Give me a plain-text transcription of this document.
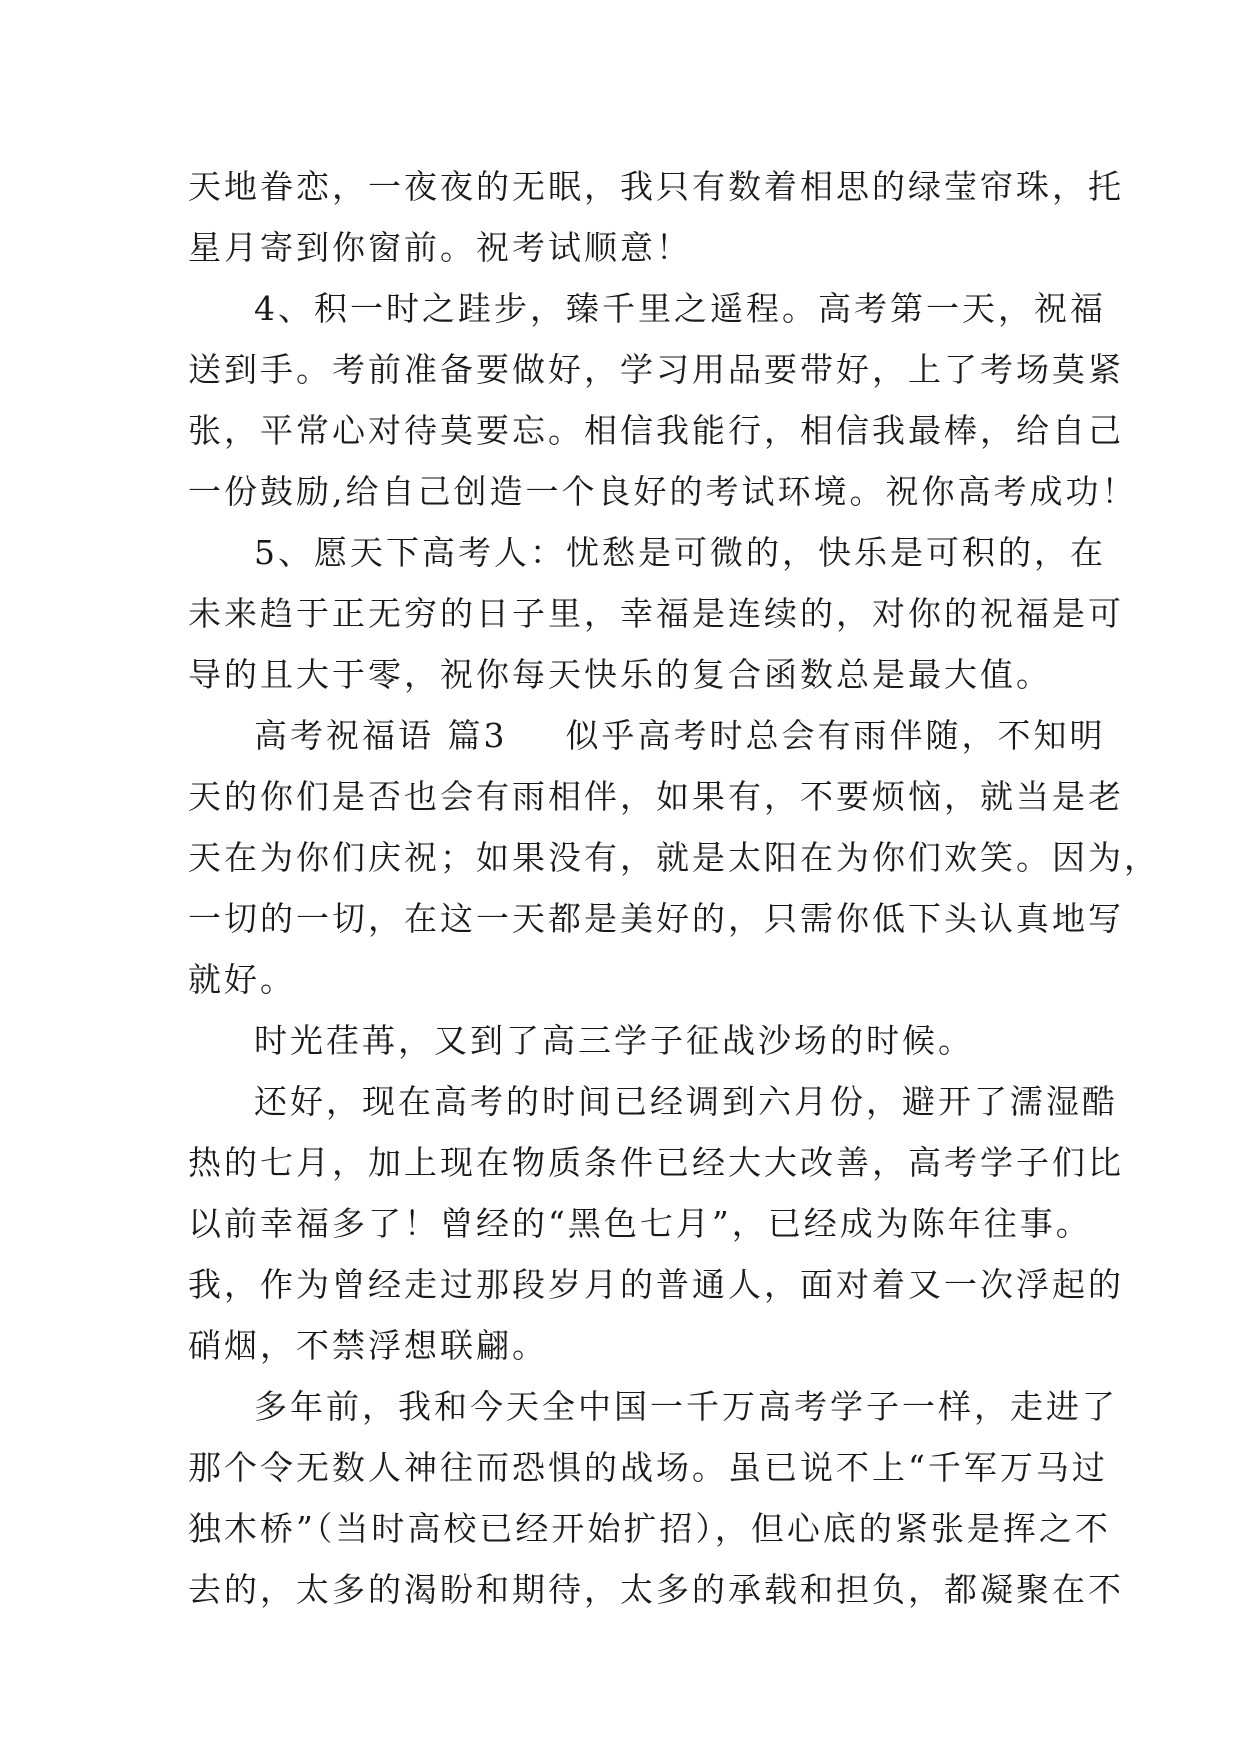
天地眷恋，一夜夜的无眠，我只有数着相思的绿莹帘珠，托
星月寄到你窗前。祝考试顺意！
4、积一时之跬步，臻千里之遥程。高考第一天，祝福
送到手。考前准备要做好，学习用品要带好，上了考场莫紧
张，平常心对待莫要忘。相信我能行，相信我最棒，给自己
一份鼓励,给自己创造一个良好的考试环境。祝你高考成功！
5、愿天下高考人：忧愁是可微的，快乐是可积的，在
未来趋于正无穷的日子里，幸福是连续的，对你的祝福是可
导的且大于零，祝你每天快乐的复合函数总是最大值。
高考祝福语 篇3 似乎高考时总会有雨伴随，不知明
天的你们是否也会有雨相伴，如果有，不要烦恼，就当是老
天在为你们庆祝；如果没有，就是太阳在为你们欢笑。因为，
一切的一切，在这一天都是美好的，只需你低下头认真地写
就好。
时光荏苒，又到了高三学子征战沙场的时候。
还好，现在高考的时间已经调到六月份，避开了濡湿酷
热的七月，加上现在物质条件已经大大改善，高考学子们比
以前幸福多了！曾经的“黑色七月”，已经成为陈年往事。
我，作为曾经走过那段岁月的普通人，面对着又一次浮起的
硝烟，不禁浮想联翩。
多年前，我和今天全中国一千万高考学子一样，走进了
那个令无数人神往而恐惧的战场。虽已说不上“千军万马过
独木桥”（当时高校已经开始扩招），但心底的紧张是挥之不
去的，太多的渴盼和期待，太多的承载和担负，都凝聚在不
